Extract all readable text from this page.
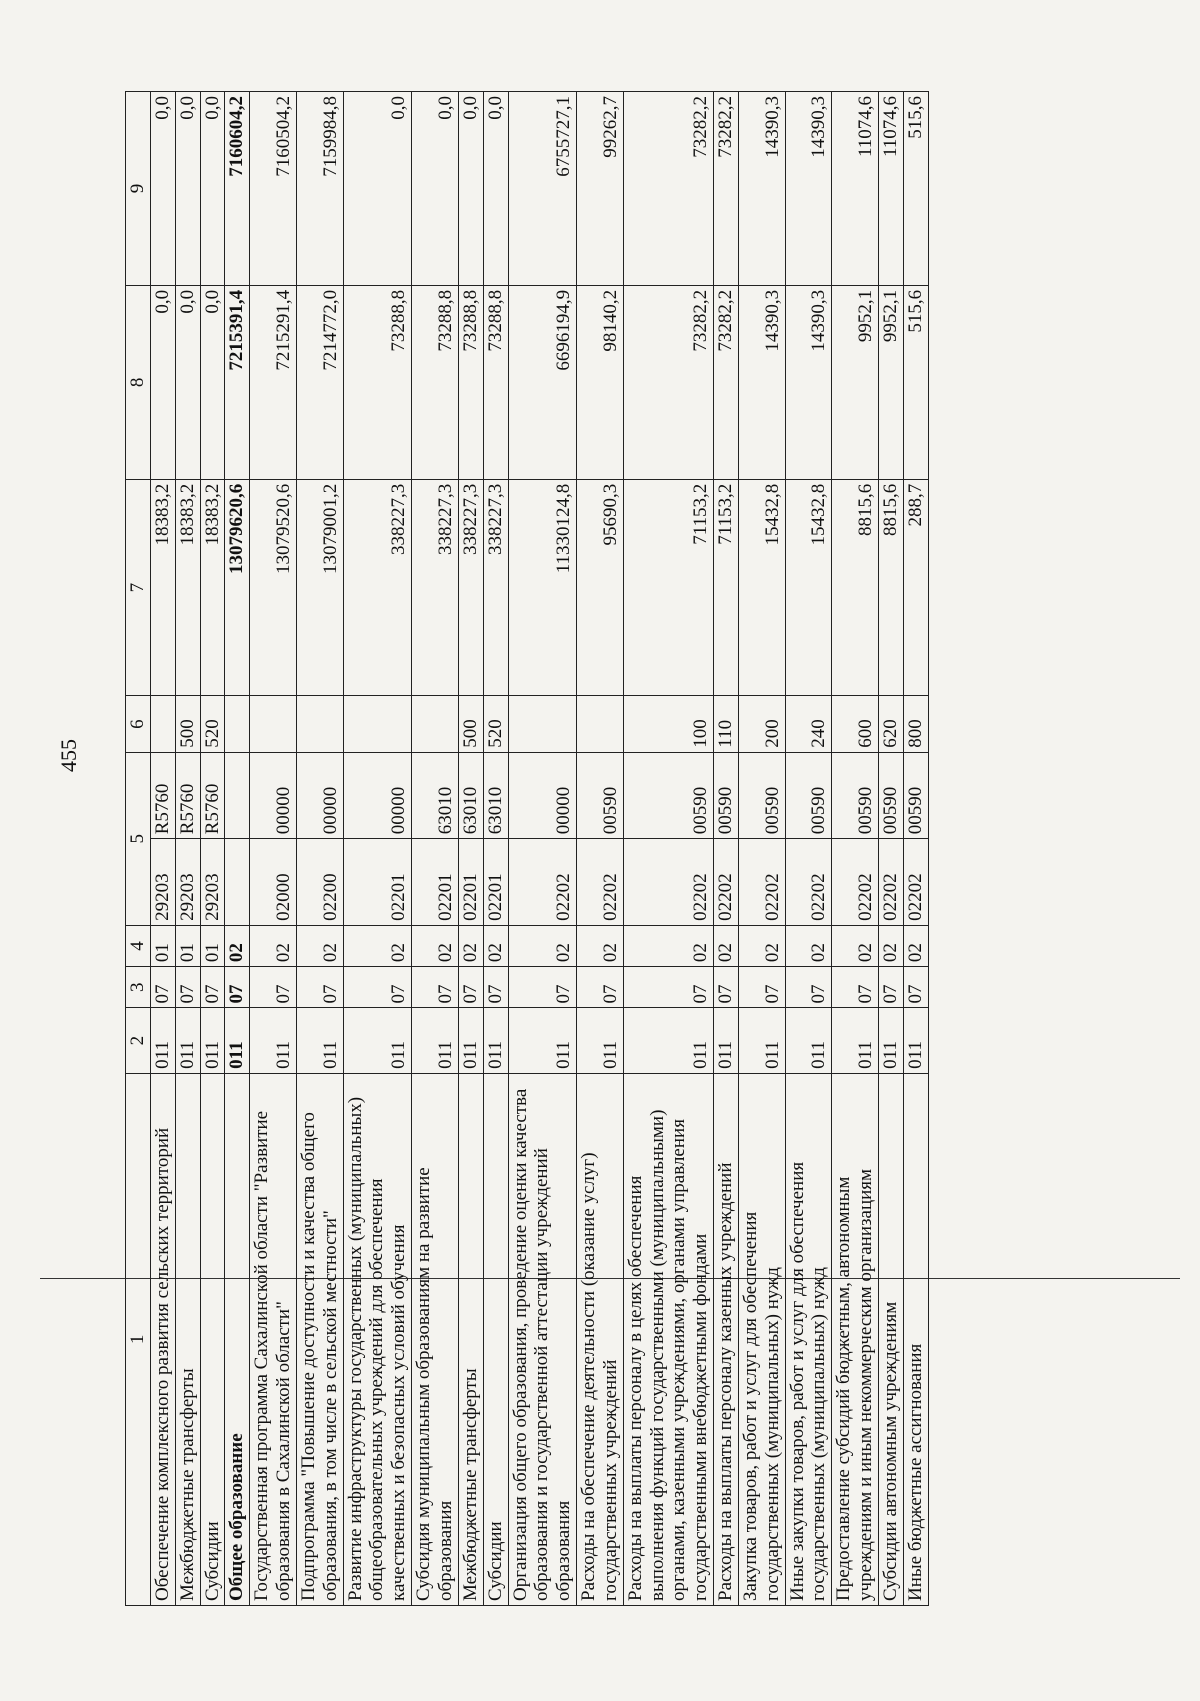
455
1	2	3	4	5		6	7	8	9
Обеспечение комплексного развития сельских территорий	011	07	01	29203	R5760		18383,2	0,0	0,0
Межбюджетные трансферты	011	07	01	29203	R5760	500	18383,2	0,0	0,0
Субсидии	011	07	01	29203	R5760	520	18383,2	0,0	0,0
Общее образование	011	07	02				13079620,6	7215391,4	7160604,2
Государственная программа Сахалинской области "Развитие образования в Сахалинской области"	011	07	02	02000	00000		13079520,6	7215291,4	7160504,2
Подпрограмма "Повышение доступности и качества общего образования, в том числе в сельской местности"	011	07	02	02200	00000		13079001,2	7214772,0	7159984,8
Развитие инфраструктуры государственных (муниципальных) общеобразовательных учреждений для обеспечения качественных и безопасных условий обучения	011	07	02	02201	00000		338227,3	73288,8	0,0
Субсидия муниципальным образованиям на развитие образования	011	07	02	02201	63010		338227,3	73288,8	0,0
Межбюджетные трансферты	011	07	02	02201	63010	500	338227,3	73288,8	0,0
Субсидии	011	07	02	02201	63010	520	338227,3	73288,8	0,0
Организация общего образования, проведение оценки качества образования и государственной аттестации учреждений образования	011	07	02	02202	00000		11330124,8	6696194,9	6755727,1
Расходы на обеспечение деятельности (оказание услуг) государственных учреждений	011	07	02	02202	00590		95690,3	98140,2	99262,7
Расходы на выплаты персоналу в целях обеспечения выполнения функций государственными (муниципальными) органами, казенными учреждениями, органами управления государственными внебюджетными фондами	011	07	02	02202	00590	100	71153,2	73282,2	73282,2
Расходы на выплаты персоналу казенных учреждений	011	07	02	02202	00590	110	71153,2	73282,2	73282,2
Закупка товаров, работ и услуг для обеспечения государственных (муниципальных) нужд	011	07	02	02202	00590	200	15432,8	14390,3	14390,3
Иные закупки товаров, работ и услуг для обеспечения государственных (муниципальных) нужд	011	07	02	02202	00590	240	15432,8	14390,3	14390,3
Предоставление субсидий бюджетным, автономным учреждениям и иным некоммерческим организациям	011	07	02	02202	00590	600	8815,6	9952,1	11074,6
Субсидии автономным учреждениям	011	07	02	02202	00590	620	8815,6	9952,1	11074,6
Иные бюджетные ассигнования	011	07	02	02202	00590	800	288,7	515,6	515,6
